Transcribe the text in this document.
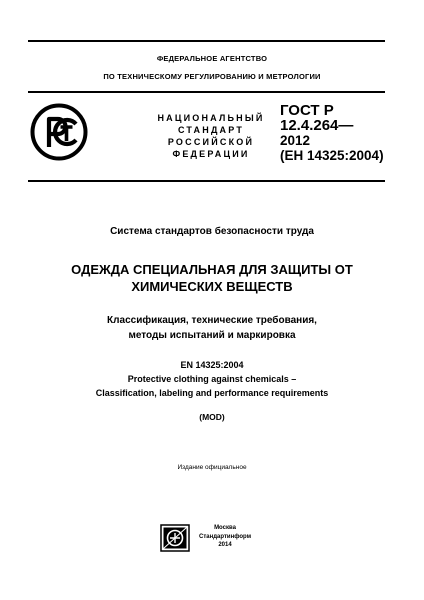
ФЕДЕРАЛЬНОЕ АГЕНТСТВО
ПО ТЕХНИЧЕСКОМУ РЕГУЛИРОВАНИЮ И МЕТРОЛОГИИ
НАЦИОНАЛЬНЫЙ
СТАНДАРТ
РОССИЙСКОЙ
ФЕДЕРАЦИИ
ГОСТ Р
12.4.264—
2012
(ЕН 14325:2004)
Система стандартов безопасности труда
ОДЕЖДА СПЕЦИАЛЬНАЯ ДЛЯ ЗАЩИТЫ ОТ
ХИМИЧЕСКИХ ВЕЩЕСТВ
Классификация, технические требования,
методы испытаний и маркировка
EN 14325:2004
Protective clothing against chemicals –
Classification, labeling and performance requirements
(MOD)
Издание официальное
Москва
Стандартинформ
2014
